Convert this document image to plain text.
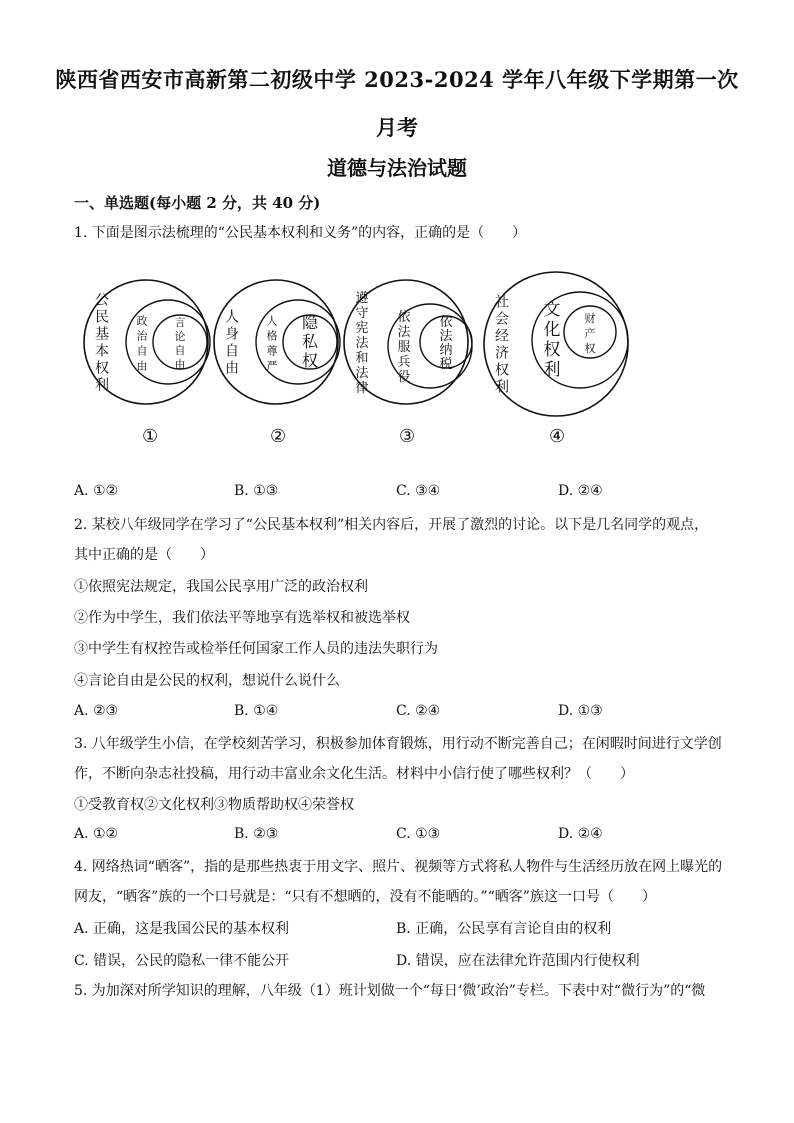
陕西省西安市高新第二初级中学 2023-2024 学年八年级下学期第一次
月考
道德与法治试题
一、单选题(每小题 2 分，共 40 分)
1. 下面是图示法梳理的“公民基本权利和义务”的内容，正确的是（　　）
公
民
基
本
权
利
政
治
自
由
言
论
自
由
人
身
自
由
人
格
尊
严
隐
私
权
遵
守
宪
法
和
法
律
依
法
服
兵
役
依
法
纳
税
社
会
经
济
权
利
文
化
权
利
财
产
权
①	②	③	④
A. ①②	B. ①③	C. ③④	D. ②④
2. 某校八年级同学在学习了“公民基本权利”相关内容后，开展了激烈的讨论。以下是几名同学的观点，
其中正确的是（　　）
①依照宪法规定，我国公民享用广泛的政治权利
②作为中学生，我们依法平等地享有选举权和被选举权
③中学生有权控告或检举任何国家工作人员的违法失职行为
④言论自由是公民的权利，想说什么说什么
A. ②③	B. ①④	C. ②④	D. ①③
3. 八年级学生小信，在学校刻苦学习，积极参加体育锻炼，用行动不断完善自己；在闲暇时间进行文学创
作，不断向杂志社投稿，用行动丰富业余文化生活。材料中小信行使了哪些权利？（　　）
①受教育权②文化权利③物质帮助权④荣誉权
A. ①②	B. ②③	C. ①③	D. ②④
4. 网络热词“晒客”，指的是那些热衷于用文字、照片、视频等方式将私人物件与生活经历放在网上曝光的
网友，“晒客”族的一个口号就是：“只有不想晒的，没有不能晒的。”“晒客”族这一口号（　　）
A. 正确，这是我国公民的基本权利	B. 正确，公民享有言论自由的权利
C. 错误，公民的隐私一律不能公开	D. 错误，应在法律允许范围内行使权利
5. 为加深对所学知识的理解，八年级（1）班计划做一个“每日‘微’政治”专栏。下表中对“微行为”的“微
